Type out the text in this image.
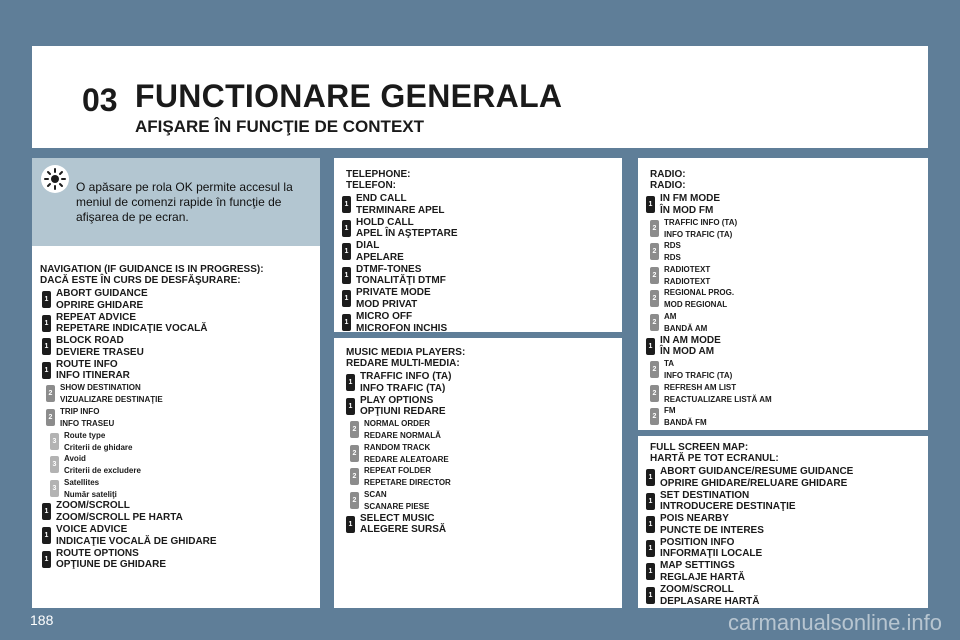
03 FUNCTIONARE GENERALA
AFIŞARE ÎN FUNCŢIE DE CONTEXT
O apăsare pe rola OK permite accesul la meniul de comenzi rapide în funcţie de afişarea de pe ecran.
NAVIGATION (IF GUIDANCE IS IN PROGRESS):
DACĂ ESTE ÎN CURS DE DESFĂŞURARE:
1
ABORT GUIDANCE
OPRIRE GHIDARE
1
REPEAT ADVICE
REPETARE INDICAŢIE VOCALĂ
1
BLOCK ROAD
DEVIERE TRASEU
1
ROUTE INFO
INFO ITINERAR
2
SHOW DESTINATION
VIZUALIZARE DESTINAŢIE
2
TRIP INFO
INFO TRASEU
3
Route type
Criterii de ghidare
3
Avoid
Criterii de excludere
3
Satellites
Număr sateliţi
1
ZOOM/SCROLL
ZOOM/SCROLL PE HARTA
1
VOICE ADVICE
INDICAŢIE VOCALĂ DE GHIDARE
1
ROUTE OPTIONS
OPŢIUNE DE GHIDARE
TELEPHONE:
TELEFON:
1
END CALL
TERMINARE APEL
1
HOLD CALL
APEL ÎN AŞTEPTARE
1
DIAL
APELARE
1
DTMF-TONES
TONALITĂŢI DTMF
1
PRIVATE MODE
MOD PRIVAT
1
MICRO OFF
MICROFON INCHIS
MUSIC MEDIA PLAYERS:
REDARE MULTI-MEDIA:
1
TRAFFIC INFO (TA)
INFO TRAFIC (TA)
1
PLAY OPTIONS
OPŢIUNI REDARE
2
NORMAL ORDER
REDARE NORMALĂ
2
RANDOM TRACK
REDARE ALEATOARE
2
REPEAT FOLDER
REPETARE DIRECTOR
2
SCAN
SCANARE PIESE
1
SELECT MUSIC
ALEGERE SURSĂ
RADIO:
RADIO:
1
IN FM MODE
ÎN MOD FM
2
TRAFFIC INFO (TA)
INFO TRAFIC (TA)
2
RDS
RDS
2
RADIOTEXT
RADIOTEXT
2
REGIONAL PROG.
MOD REGIONAL
2
AM
BANDĂ AM
1
IN AM MODE
ÎN MOD AM
2
TA
INFO TRAFIC (TA)
2
REFRESH AM LIST
REACTUALIZARE LISTĂ AM
2
FM
BANDĂ FM
FULL SCREEN MAP:
HARTĂ PE TOT ECRANUL:
1
ABORT GUIDANCE/RESUME GUIDANCE
OPRIRE GHIDARE/RELUARE GHIDARE
1
SET DESTINATION
INTRODUCERE DESTINAŢIE
1
POIS NEARBY
PUNCTE DE INTERES
1
POSITION INFO
INFORMAŢII LOCALE
1
MAP SETTINGS
REGLAJE HARTĂ
1
ZOOM/SCROLL
DEPLASARE HARTĂ
188	carmanualsonline.info
